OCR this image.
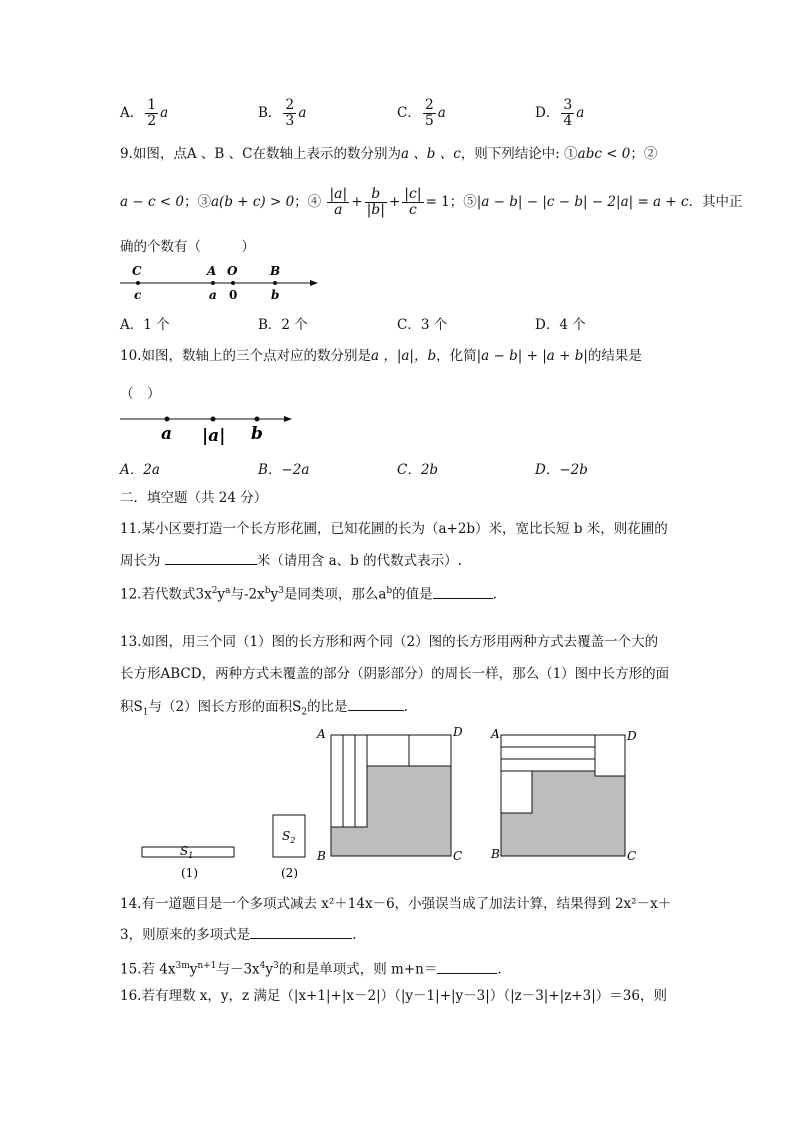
A． $\frac{1}{2}$ a	B． $\frac{2}{3}$ a	C． $\frac{2}{5}$ a	D． $\frac{3}{4}$ a
9.如图，点A 、B 、C在数轴上表示的数分别为a 、b 、c，则下列结论中: ①abc < 0；②
a − c < 0；③a(b + c) > 0；④ $\frac{|a|}{a} + \frac{b}{|b|} + \frac{|c|}{c} = 1$；⑤|a − b| − |c − b| − 2|a| = a + c．其中正
确的个数有（　　　）
C	A O	B
c	a 0	b
A．1 个	B．2 个	C．3 个	D．4 个
10.如图，数轴上的三个点对应的数分别是a ，|a|，b，化简|a − b| + |a + b|的结果是
（　）
a |a| b
A．2a	B．−2a	C．2b	D．−2b
二．填空题（共 24 分）
11.某小区要打造一个长方形花圃，已知花圃的长为（a+2b）米，宽比长短 b 米，则花圃的
周长为	米（请用含 a、b 的代数式表示）.
12.若代数式$3x^2y^a$与$-2x^by^3$是同类项，那么$a^b$的值是	.
13.如图，用三个同（1）图的长方形和两个同（2）图的长方形用两种方式去覆盖一个大的
长方形ABCD，两种方式未覆盖的部分（阴影部分）的周长一样，那么（1）图中长方形的面
积$S_1$与（2）图长方形的面积$S_2$的比是	.
$S_1$
(1)
$S_2$
(2)
A	D
B	C
A	D
B	C
14.有一道题目是一个多项式减去 x²＋14x－6，小强误当成了加法计算，结果得到 2x²－x＋
3，则原来的多项式是	.
15.若 $4x^{3m}y^{n+1}$与$-3x^4y^3$的和是单项式，则 m+n＝	.
16.若有理数 x，y，z 满足（|x+1|+|x－2|）（|y－1|+|y－3|）（|z－3|+|z+3|）＝36，则
